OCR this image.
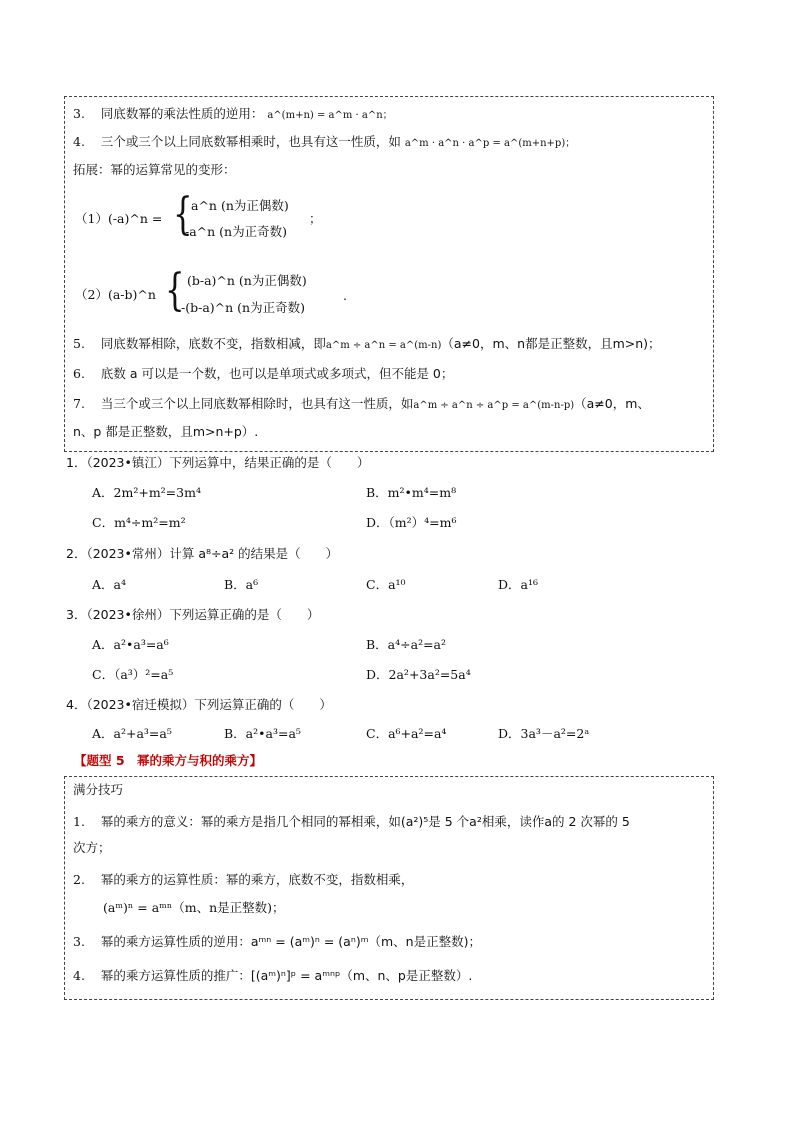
3. 同底数幂的乘法性质的逆用： a^(m+n) = a^m · a^n；
4. 三个或三个以上同底数幂相乘时，也具有这一性质，如 a^m · a^n · a^p = a^(m+n+p)；
拓展：幂的运算常见的变形：
（1）(-a)^n = {
a^n (n为正偶数)
-a^n (n为正奇数)
；
（2）(a-b)^n { (b-a)^n (n为正偶数)
-(b-a)^n (n为正奇数)
.
5. 同底数幂相除，底数不变，指数相减，即a^m ÷ a^n = a^(m-n)（a≠0，m、n都是正整数，且m>n)；
6. 底数 a 可以是一个数，也可以是单项式或多项式，但不能是 0；
7. 当三个或三个以上同底数幂相除时，也具有这一性质，如a^m ÷ a^n ÷ a^p = a^(m-n-p)（a≠0，m、
n、p 都是正整数，且m>n+p）.
1．（2023•镇江）下列运算中，结果正确的是（　　）
A．2m²+m²=3m⁴	B．m²•m⁴=m⁸
C．m⁴÷m²=m²	D．（m²）⁴=m⁶
2．（2023•常州）计算 a⁸÷a² 的结果是（　　）
A．a⁴	B．a⁶	C．a¹⁰	D．a¹⁶
3．（2023•徐州）下列运算正确的是（　　）
A．a²•a³=a⁶	B．a⁴÷a²=a²
C．（a³）²=a⁵	D．2a²+3a²=5a⁴
4．（2023•宿迁模拟）下列运算正确的（　　）
A．a²+a³=a⁵	B．a²•a³=a⁵	C．a⁶+a²=a⁴	D．3a³－a²=2ᵃ
【题型 5　幂的乘方与积的乘方】
满分技巧
1. 幂的乘方的意义：幂的乘方是指几个相同的幂相乘，如(a²)⁵是 5 个a²相乘，读作a的 2 次幂的 5
次方；
2. 幂的乘方的运算性质：幂的乘方，底数不变，指数相乘，
(aᵐ)ⁿ = aᵐⁿ（m、n是正整数)；
3. 幂的乘方运算性质的逆用：aᵐⁿ = (aᵐ)ⁿ = (aⁿ)ᵐ（m、n是正整数)；
4. 幂的乘方运算性质的推广：[(aᵐ)ⁿ]ᵖ = aᵐⁿᵖ（m、n、p是正整数）.
